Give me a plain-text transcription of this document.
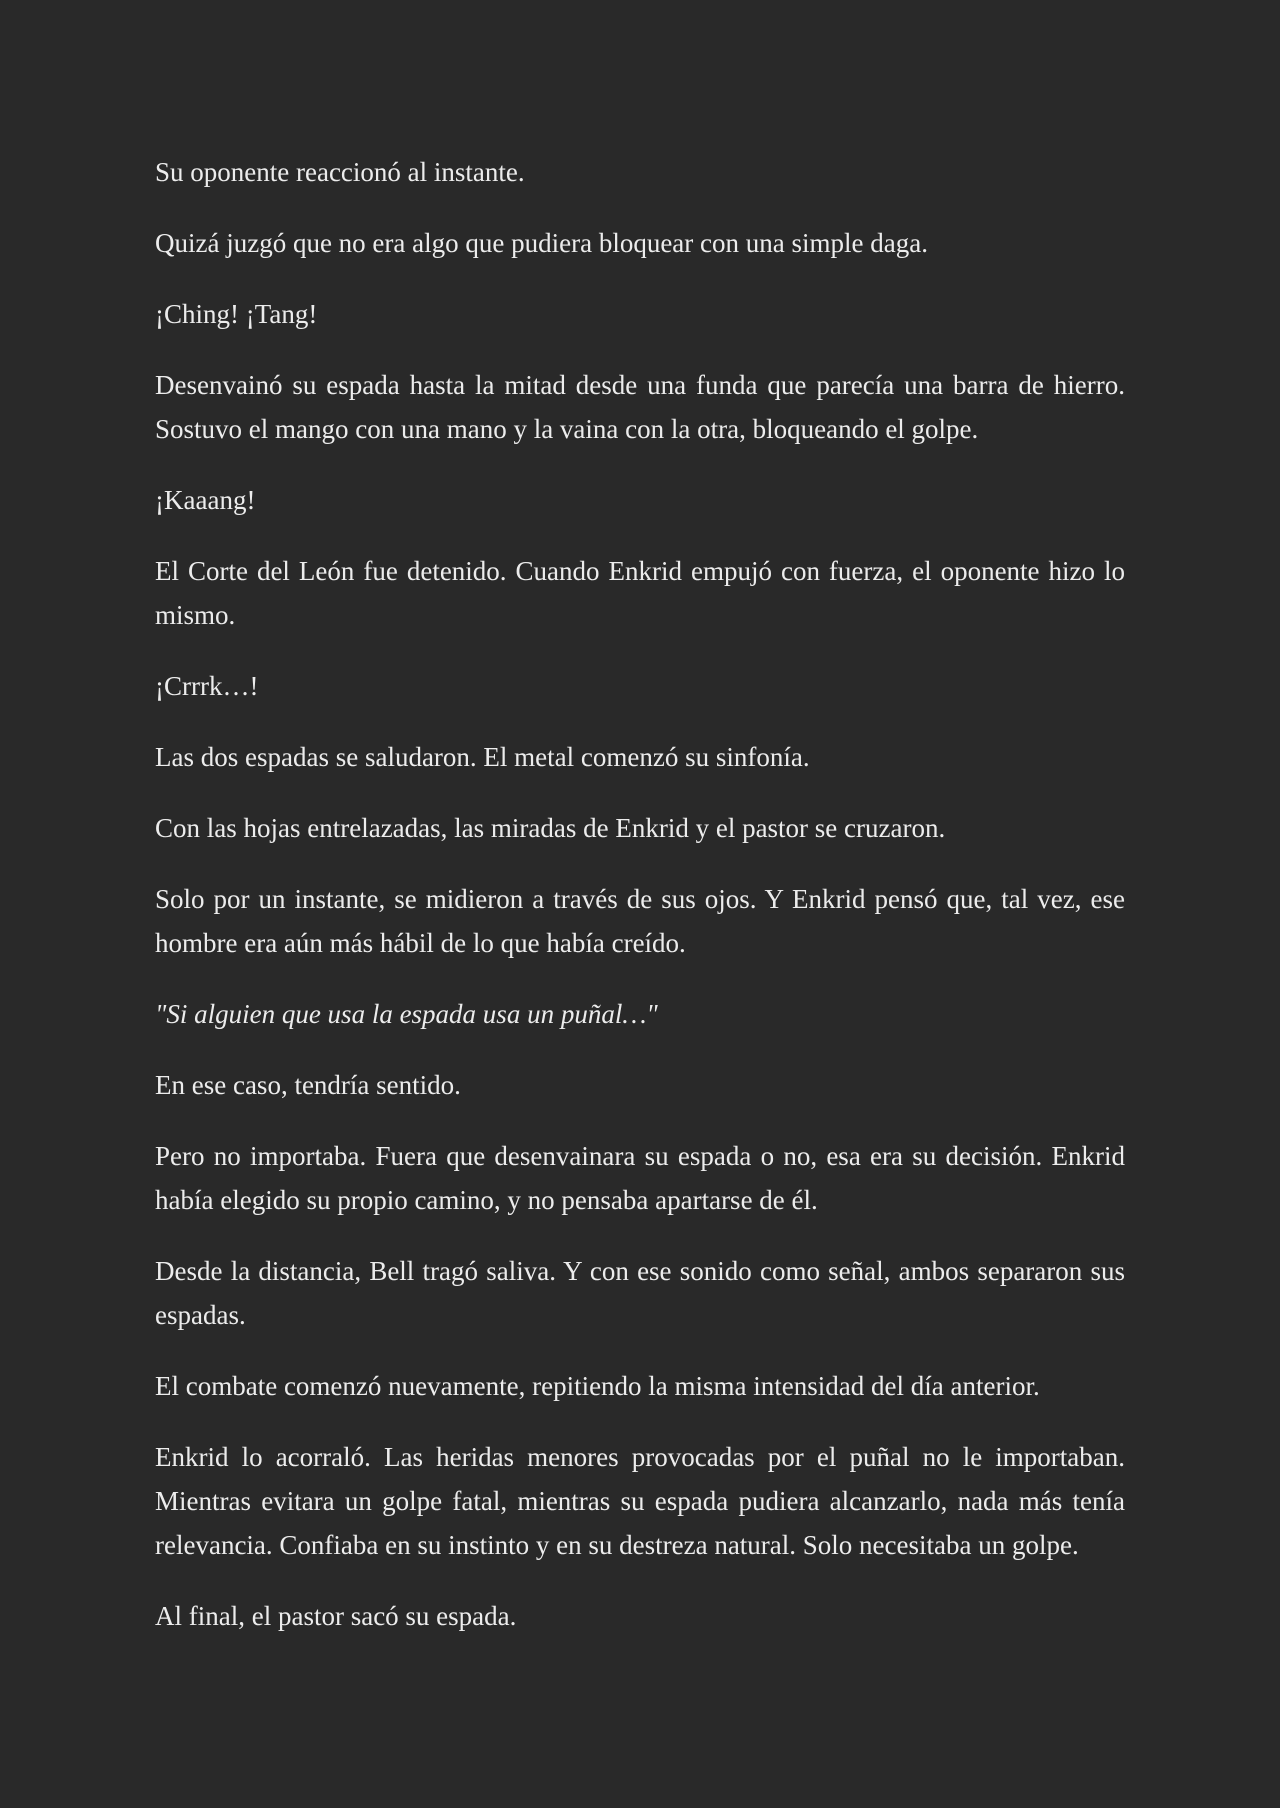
Su oponente reaccionó al instante.

Quizá juzgó que no era algo que pudiera bloquear con una simple daga.

¡Ching! ¡Tang!

Desenvainó su espada hasta la mitad desde una funda que parecía una barra de hierro. Sostuvo el mango con una mano y la vaina con la otra, bloqueando el golpe.

¡Kaaang!

El Corte del León fue detenido. Cuando Enkrid empujó con fuerza, el oponente hizo lo mismo.

¡Crrrk…!

Las dos espadas se saludaron. El metal comenzó su sinfonía.

Con las hojas entrelazadas, las miradas de Enkrid y el pastor se cruzaron.

Solo por un instante, se midieron a través de sus ojos. Y Enkrid pensó que, tal vez, ese hombre era aún más hábil de lo que había creído.

"Si alguien que usa la espada usa un puñal…"

En ese caso, tendría sentido.

Pero no importaba. Fuera que desenvainara su espada o no, esa era su decisión. Enkrid había elegido su propio camino, y no pensaba apartarse de él.

Desde la distancia, Bell tragó saliva. Y con ese sonido como señal, ambos separaron sus espadas.

El combate comenzó nuevamente, repitiendo la misma intensidad del día anterior.

Enkrid lo acorraló. Las heridas menores provocadas por el puñal no le importaban. Mientras evitara un golpe fatal, mientras su espada pudiera alcanzarlo, nada más tenía relevancia. Confiaba en su instinto y en su destreza natural. Solo necesitaba un golpe.

Al final, el pastor sacó su espada.
